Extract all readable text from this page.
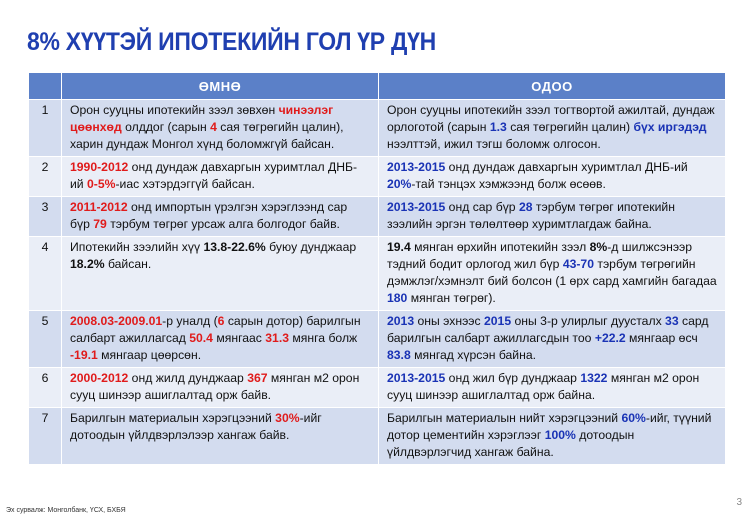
8% ХҮҮТЭЙ ИПОТЕКИЙН ГОЛ ҮР ДҮН
	ӨМНӨ	ОДОО
1	Орон сууцны ипотекийн зээл зөвхөн чинээлэг цөөнхөд олддог (сарын 4 сая төгрөгийн цалин), харин дундаж Монгол хүнд боломжгүй байсан.	Орон сууцны ипотекийн зээл тогтвортой ажилтай, дундаж орлоготой (сарын 1.3 сая төгрөгийн цалин) бүх иргэдэд нээлттэй, ижил тэгш боломж олгосон.
2	1990-2012 онд дундаж давхаргын хуримтлал ДНБ-ий 0-5%-иас хэтэрдэггүй байсан.	2013-2015 онд дундаж давхаргын хуримтлал ДНБ-ий 20%-тай тэнцэх хэмжээнд болж өсөөв.
3	2011-2012 онд импортын үрэлгэн хэрэглээнд сар бүр 79 тэрбум төгрөг урсаж алга болгодог байв.	2013-2015 онд сар бүр 28 тэрбум төгрөг ипотекийн зээлийн эргэн төлөлтөөр хуримтлагдаж байна.
4	Ипотекийн зээлийн хүү 13.8-22.6% буюу дунджаар 18.2% байсан.	19.4 мянган өрхийн ипотекийн зээл 8%-д шилжсэнээр тэдний бодит орлогод жил бүр 43-70 тэрбум төгрөгийн дэмжлэг/хэмнэлт бий болсон (1 өрх сард хамгийн багадаа 180 мянган төгрөг).
5	2008.03-2009.01-р уналд (6 сарын дотор) барилгын салбарт ажиллагсад 50.4 мянгаас 31.3 мянга болж -19.1 мянгаар цөөрсөн.	2013 оны эхнээс 2015 оны 3-р улирлыг дуусталх 33 сард барилгын салбарт ажиллагсдын тоо +22.2 мянгаар өсч 83.8 мянгад хүрсэн байна.
6	2000-2012 онд жилд дунджаар 367 мянган м2 орон сууц шинээр ашиглалтад орж байв.	2013-2015 онд жил бүр дунджаар 1322 мянган м2 орон сууц шинээр ашиглалтад орж байна.
7	Барилгын материалын хэрэгцээний 30%-ийг дотоодын үйлдвэрлэлээр хангаж байв.	Барилгын материалын нийт хэрэгцээний 60%-ийг, түүний дотор цементийн хэрэглээг 100% дотоодын үйлдвэрлэгчид хангаж байна.
3
Эх сурвалж: Монголбанк, ҮСХ, БХБЯ
